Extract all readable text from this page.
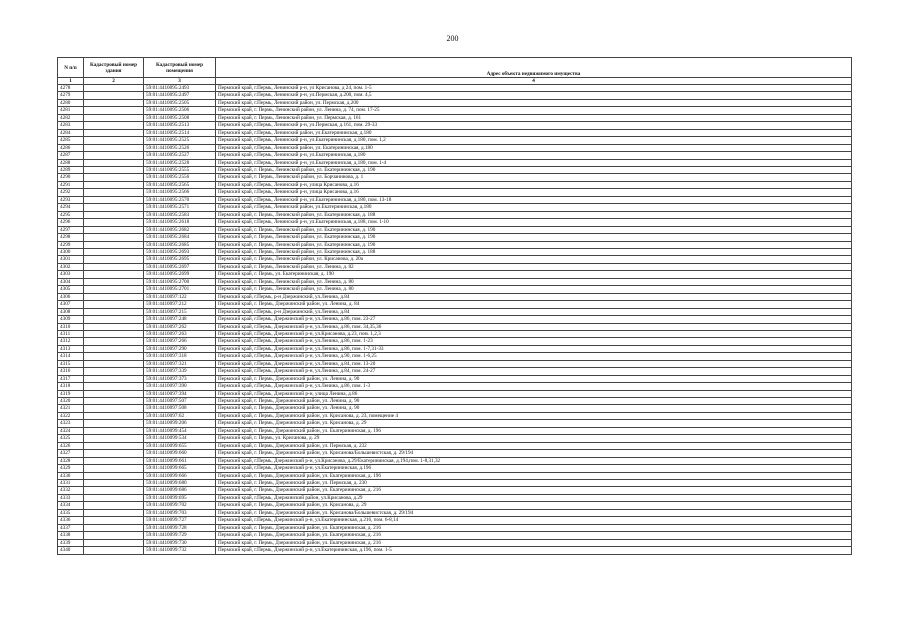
200
N п/п	Кадастровый номер здания	Кадастровый номер помещения	Адрес объекта недвижимого имущества
1	2	3	4
4278		59:01:4410095:2493	Пермский край, г.Пермь, Ленинский р-н, ул Крисанова, д 24, пом. 1-5
4279		59:01:4410095:2497	Пермский край, г.Пермь, Ленинский р-н, ул.Пермская, д.200, пом. 4,5
4280		59:01:4410095:2505	Пермский край, г.Пермь, Ленинский район, ул. Пермская, д.200
4281		59:01:4410095:2506	Пермский край, г. Пермь, Ленинский район, ул. Ленина, д. 74, пом. 17-25
4282		59:01:4410095:2508	Пермский край, г. Пермь, Ленинский район, ул. Пермская, д. 161
4283		59:01:4410095:2513	Пермский край, г.Пермь, Ленинский р-н, ул.Пермская, д.161, пом. 29-33
4284		59:01:4410095:2514	Пермский край, г.Пермь, Ленинский район, ул.Екатерининская, д.180
4285		59:01:4410095:2525	Пермский край, г.Пермь, Ленинский р-н, ул.Екатерининская, д.180, пом. 1,2
4286		59:01:4410095:2526	Пермский край, г.Пермь, Ленинский район, ул. Екатерининская, д.180
4287		59:01:4410095:2527	Пермский край, г.Пермь, Ленинский р-н, ул.Екатерининская, д.180
4288		59:01:4410095:2528	Пермский край, г.Пермь, Ленинский р-н, ул.Екатерининская, д.180, пом. 1-4
4289		59:01:4410095:2555	Пермский край, г. Пермь, Ленинский район, ул. Екатерининская, д. 190
4290		59:01:4410095:2556	Пермский край, г. Пермь, Ленинский район, ул. Борчанинова, д. 1
4291		59:01:4410095:2565	Пермский край, г.Пермь, Ленинский р-н, улица Крисанова, д.16
4292		59:01:4410095:2566	Пермский край, г.Пермь, Ленинский р-н, улица Крисанова, д.16
4293		59:01:4410095:2570	Пермский край, г.Пермь, Ленинский р-н, ул.Екатерининская, д.180, пом. 13-18
4294		59:01:4410095:2571	Пермский край, г.Пермь, Ленинский район, ул.Екатерининская, д.180
4295		59:01:4410095:2583	Пермский край, г. Пермь, Ленинский район, ул. Екатерининская, д. 188
4296		59:01:4410095:2618	Пермский край, г.Пермь, Ленинский р-н, ул.Екатерининская, д.188, пом. 1-10
4297		59:01:4410095:2682	Пермский край, г. Пермь, Ленинский район, ул. Екатерининская, д. 190
4298		59:01:4410095:2684	Пермский край, г. Пермь, Ленинский район, ул. Екатерининская, д. 190
4299		59:01:4410095:2685	Пермский край, г. Пермь, Ленинский район, ул. Екатерининская, д. 190
4300		59:01:4410095:2693	Пермский край, г. Пермь, Ленинский район, ул. Екатерининская, д. 188
4301		59:01:4410095:2695	Пермский край, г. Пермь, Ленинский район, ул. Крисанова, д. 20а
4302		59:01:4410095:2697	Пермский край, г. Пермь, Ленинский район, ул. Ленина, д. 82
4303		59:01:4410095:2699	Пермский край, г. Пермь, ул. Екатерининская, д. 190
4304		59:01:4410095:2700	Пермский край, г. Пермь, Ленинский район, ул. Ленина, д. 80
4305		59:01:4410095:2701	Пермский край, г. Пермь, Ленинский район, ул. Ленина, д. 80
4306		59:01:4410097:122	Пермский край, г.Пермь, р-н Дзержинский, ул.Ленина, д.84
4307		59:01:4410097:212	Пермский край, г. Пермь, Дзержинский район, ул. Ленина, д. 84
4308		59:01:4410097:215	Пермский край, г.Пермь, р-н Дзержинский, ул.Ленина, д.84
4309		59:01:4410097:248	Пермский край, г.Пермь, Дзержинский р-н, ул.Ленина, д.86, пом. 23-27
4310		59:01:4410097:262	Пермский край, г.Пермь, Дзержинский р-н, ул.Ленина, д.86, пом. 34,35,36
4311		59:01:4410097:263	Пермский край, г.Пермь, Дзержинский р-н, ул.Крисанова, д.23, пом. 1,2,3
4312		59:01:4410097:266	Пермский край, г.Пермь, Дзержинский р-н, ул.Ленина, д.86, пом. 1-23
4313		59:01:4410097:290	Пермский край, г.Пермь, Дзержинский р-н, ул.Ленина, д.86, пом. 1-7,31-33
4314		59:01:4410097:318	Пермский край, г.Пермь, Дзержинский р-н, ул.Ленина, д.90, пом. 1-6,25
4315		59:01:4410097:321	Пермский край, г.Пермь, Дзержинский р-н, ул.Ленина, д.84, пом. 13-20
4316		59:01:4410097:339	Пермский край, г.Пермь, Дзержинский р-н, ул.Ленина, д.84, пом. 24-27
4317		59:01:4410097:373	Пермский край, г. Пермь, Дзержинский район, ул. Ленина, д. 90
4318		59:01:4410097:390	Пермский край, г.Пермь, Дзержинский р-н, ул.Ленина, д.86, пом. 1-3
4319		59:01:4410097:394	Пермский край, г.Пермь, Дзержинский р-н, улица Ленина, д.86
4320		59:01:4410097:507	Пермский край, г. Пермь, Дзержинский район, ул. Ленина, д. 90
4321		59:01:4410097:508	Пермский край, г. Пермь, Дзержинский район, ул. Ленина, д. 90
4322		59:01:4410097:62	Пермский край, г. Пермь, Дзержинский район, ул. Крисанова, д. 23, помещение 4
4323		59:01:4410099:206	Пермский край, г. Пермь, Дзержинский район, ул. Крисанова, д. 29
4324		59:01:4410099:454	Пермский край, г. Пермь, Дзержинский район, ул. Екатерининская, д. 196
4325		59:01:4410099:534	Пермский край, г. Пермь, ул. Крисанова, д. 29
4326		59:01:4410099:655	Пермский край, г. Пермь, Дзержинский район, ул. Пермская, д. 232
4327		59:01:4410099:660	Пермский край, г. Пермь, Дзержинский район, ул. Крисанова/Большевистская, д. 29/194
4328		59:01:4410099:661	Пермский край, г.Пермь, Дзержинский р-н, ул.Крисанова, д.29/Екатерининская, д.194,пом. 1-8,31,32
4329		59:01:4410099:665	Пермский край, г.Пермь, Дзержинский р-н, ул.Екатерининская, д.196
4330		59:01:4410099:666	Пермский край, г. Пермь, Дзержинский район, ул. Екатерининская, д. 196
4331		59:01:4410099:680	Пермский край, г. Пермь, Дзержинский район, ул. Пермская, д. 230
4332		59:01:4410099:686	Пермский край, г. Пермь, Дзержинский район, ул. Екатерининская, д. 216
4333		59:01:4410099:695	Пермский край, г.Пермь, Дзержинский район, ул.Крисанова, д.29
4334		59:01:4410099:702	Пермский край, г. Пермь, Дзержинский район, ул. Крисанова, д. 29
4335		59:01:4410099:703	Пермский край, г. Пермь, Дзержинский район, ул. Крисанова/Большевистская, д. 29/194
4336		59:01:4410099:727	Пермский край, г.Пермь, Дзержинский р-н, ул.Екатерининская, д.216, пом. 6-8,14
4337		59:01:4410099:728	Пермский край, г. Пермь, Дзержинский район, ул. Екатерининская, д. 216
4338		59:01:4410099:729	Пермский край, г. Пермь, Дзержинский район, ул. Екатерининская, д. 216
4339		59:01:4410099:730	Пермский край, г. Пермь, Дзержинский район, ул. Екатерининская, д. 216
4340		59:01:4410099:732	Пермский край, г.Пермь, Дзержинский р-н, ул.Екатерининская, д.196, пом. 1-5
